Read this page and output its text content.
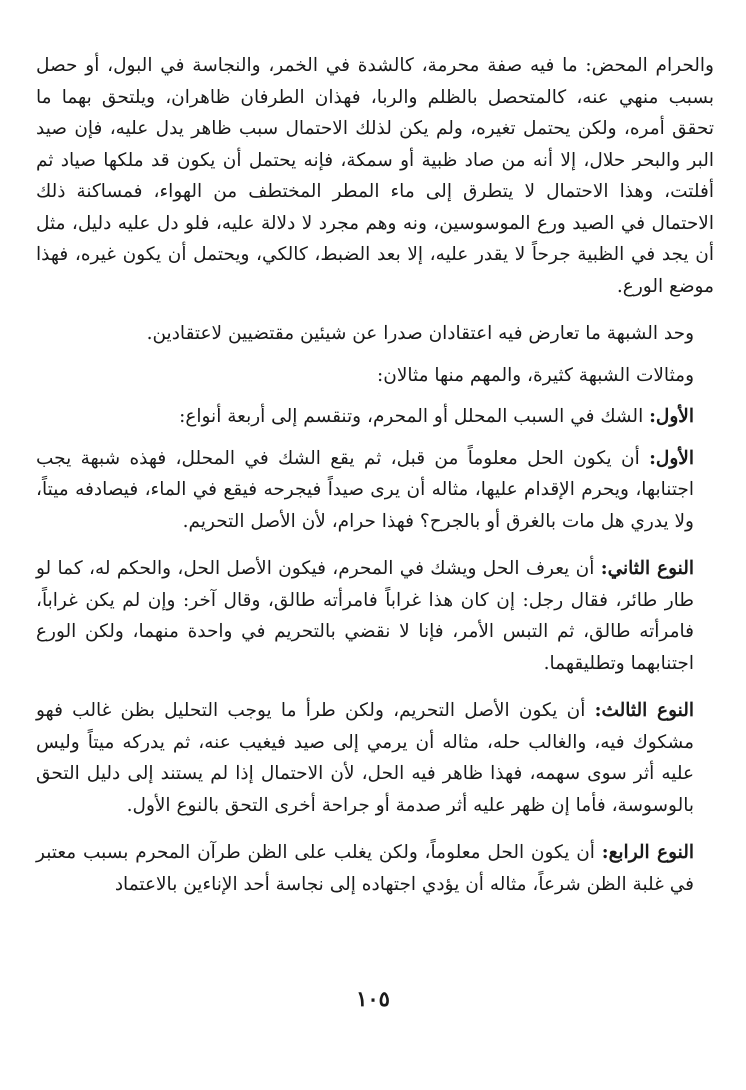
والحرام المحض: ما فيه صفة محرمة، كالشدة في الخمر، والنجاسة في البول، أو حصل بسبب منهي عنه، كالمتحصل بالظلم والربا، فهذان الطرفان ظاهران، ويلتحق بهما ما تحقق أمره، ولكن يحتمل تغيره، ولم يكن لذلك الاحتمال سبب ظاهر يدل عليه، فإن صيد البر والبحر حلال، إلا أنه من صاد ظبية أو سمكة، فإنه يحتمل أن يكون قد ملكها صياد ثم أفلتت، وهذا الاحتمال لا يتطرق إلى ماء المطر المختطف من الهواء، فمساكنة ذلك الاحتمال في الصيد ورع الموسوسين، ونه وهم مجرد لا دلالة عليه، فلو دل عليه دليل، مثل أن يجد في الظبية جرحاً لا يقدر عليه، إلا بعد الضبط، كالكي، ويحتمل أن يكون غيره، فهذا موضع الورع.

وحد الشبهة ما تعارض فيه اعتقادان صدرا عن شيئين مقتضيين لاعتقادين.

ومثالات الشبهة كثيرة، والمهم منها مثالان:

الأول: الشك في السبب المحلل أو المحرم، وتنقسم إلى أربعة أنواع:

الأول: أن يكون الحل معلوماً من قبل، ثم يقع الشك في المحلل، فهذه شبهة يجب اجتنابها، ويحرم الإقدام عليها، مثاله أن يرى صيداً فيجرحه فيقع في الماء، فيصادفه ميتاً، ولا يدري هل مات بالغرق أو بالجرح؟ فهذا حرام، لأن الأصل التحريم.

النوع الثاني: أن يعرف الحل ويشك في المحرم، فيكون الأصل الحل، والحكم له، كما لو طار طائر، فقال رجل: إن كان هذا غراباً فامرأته طالق، وقال آخر: وإن لم يكن غراباً، فامرأته طالق، ثم التبس الأمر، فإنا لا نقضي بالتحريم في واحدة منهما، ولكن الورع اجتنابهما وتطليقهما.

النوع الثالث: أن يكون الأصل التحريم، ولكن طرأ ما يوجب التحليل بظن غالب فهو مشكوك فيه، والغالب حله، مثاله أن يرمي إلى صيد فيغيب عنه، ثم يدركه ميتاً وليس عليه أثر سوى سهمه، فهذا ظاهر فيه الحل، لأن الاحتمال إذا لم يستند إلى دليل التحق بالوسوسة، فأما إن ظهر عليه أثر صدمة أو جراحة أخرى التحق بالنوع الأول.

النوع الرابع: أن يكون الحل معلوماً، ولكن يغلب على الظن طرآن المحرم بسبب معتبر في غلبة الظن شرعاً، مثاله أن يؤدي اجتهاده إلى نجاسة أحد الإناءين بالاعتماد

١٠٥
